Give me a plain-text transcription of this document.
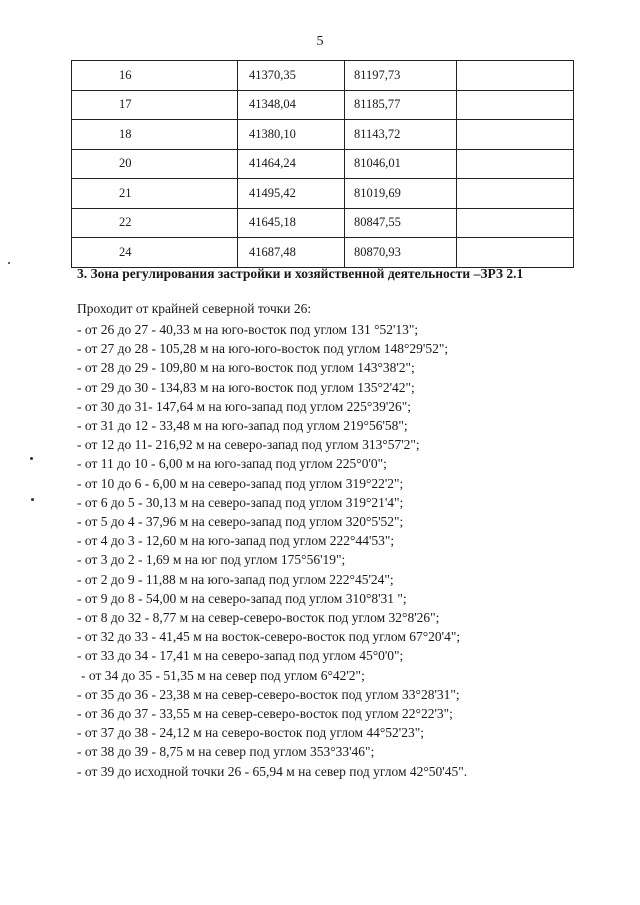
5
16	41370,35	81197,73	
17	41348,04	81185,77	
18	41380,10	81143,72	
20	41464,24	81046,01	
21	41495,42	81019,69	
22	41645,18	80847,55	
24	41687,48	80870,93	
3. Зона регулирования застройки и хозяйственной деятельности –ЗРЗ 2.1
Проходит от крайней северной точки 26:
- от 26 до 27 - 40,33 м на юго-восток под углом 131 °52'13";
- от 27 до 28 - 105,28 м на юго-юго-восток под углом 148°29'52";
- от 28 до 29 - 109,80 м на юго-восток под углом 143°38'2";
- от 29 до 30 - 134,83 м на юго-восток под углом 135°2'42";
- от 30 до 31- 147,64 м на юго-запад под углом 225°39'26";
- от 31 до 12 - 33,48 м на юго-запад под углом 219°56'58";
- от 12 до 11- 216,92 м на северо-запад под углом 313°57'2";
- от 11 до 10 - 6,00 м на юго-запад под углом 225°0'0";
- от 10 до 6 - 6,00 м на северо-запад под углом 319°22'2";
- от 6 до 5 - 30,13 м на северо-запад под углом 319°21'4";
- от 5 до 4 - 37,96 м на северо-запад под углом 320°5'52";
- от 4 до 3 - 12,60 м на юго-запад под углом 222°44'53";
- от 3 до 2 - 1,69 м на юг под углом 175°56'19";
- от 2 до 9 - 11,88 м на юго-запад под углом 222°45'24";
- от 9 до 8 - 54,00 м на северо-запад под углом 310°8'31 ";
- от 8 до 32 - 8,77 м на север-северо-восток под углом 32°8'26";
- от 32 до 33 - 41,45 м на восток-северо-восток под углом 67°20'4";
- от 33 до 34 - 17,41 м на северо-запад под углом 45°0'0";
- от 34 до 35 - 51,35 м на север под углом 6°42'2";
- от 35 до 36 - 23,38 м на север-северо-восток под углом 33°28'31";
- от 36 до 37 - 33,55 м на север-северо-восток под углом 22°22'3";
- от 37 до 38 - 24,12 м на северо-восток под углом 44°52'23";
- от 38 до 39 - 8,75 м на север под углом 353°33'46";
- от 39 до исходной точки 26 - 65,94 м на север под углом 42°50'45".
